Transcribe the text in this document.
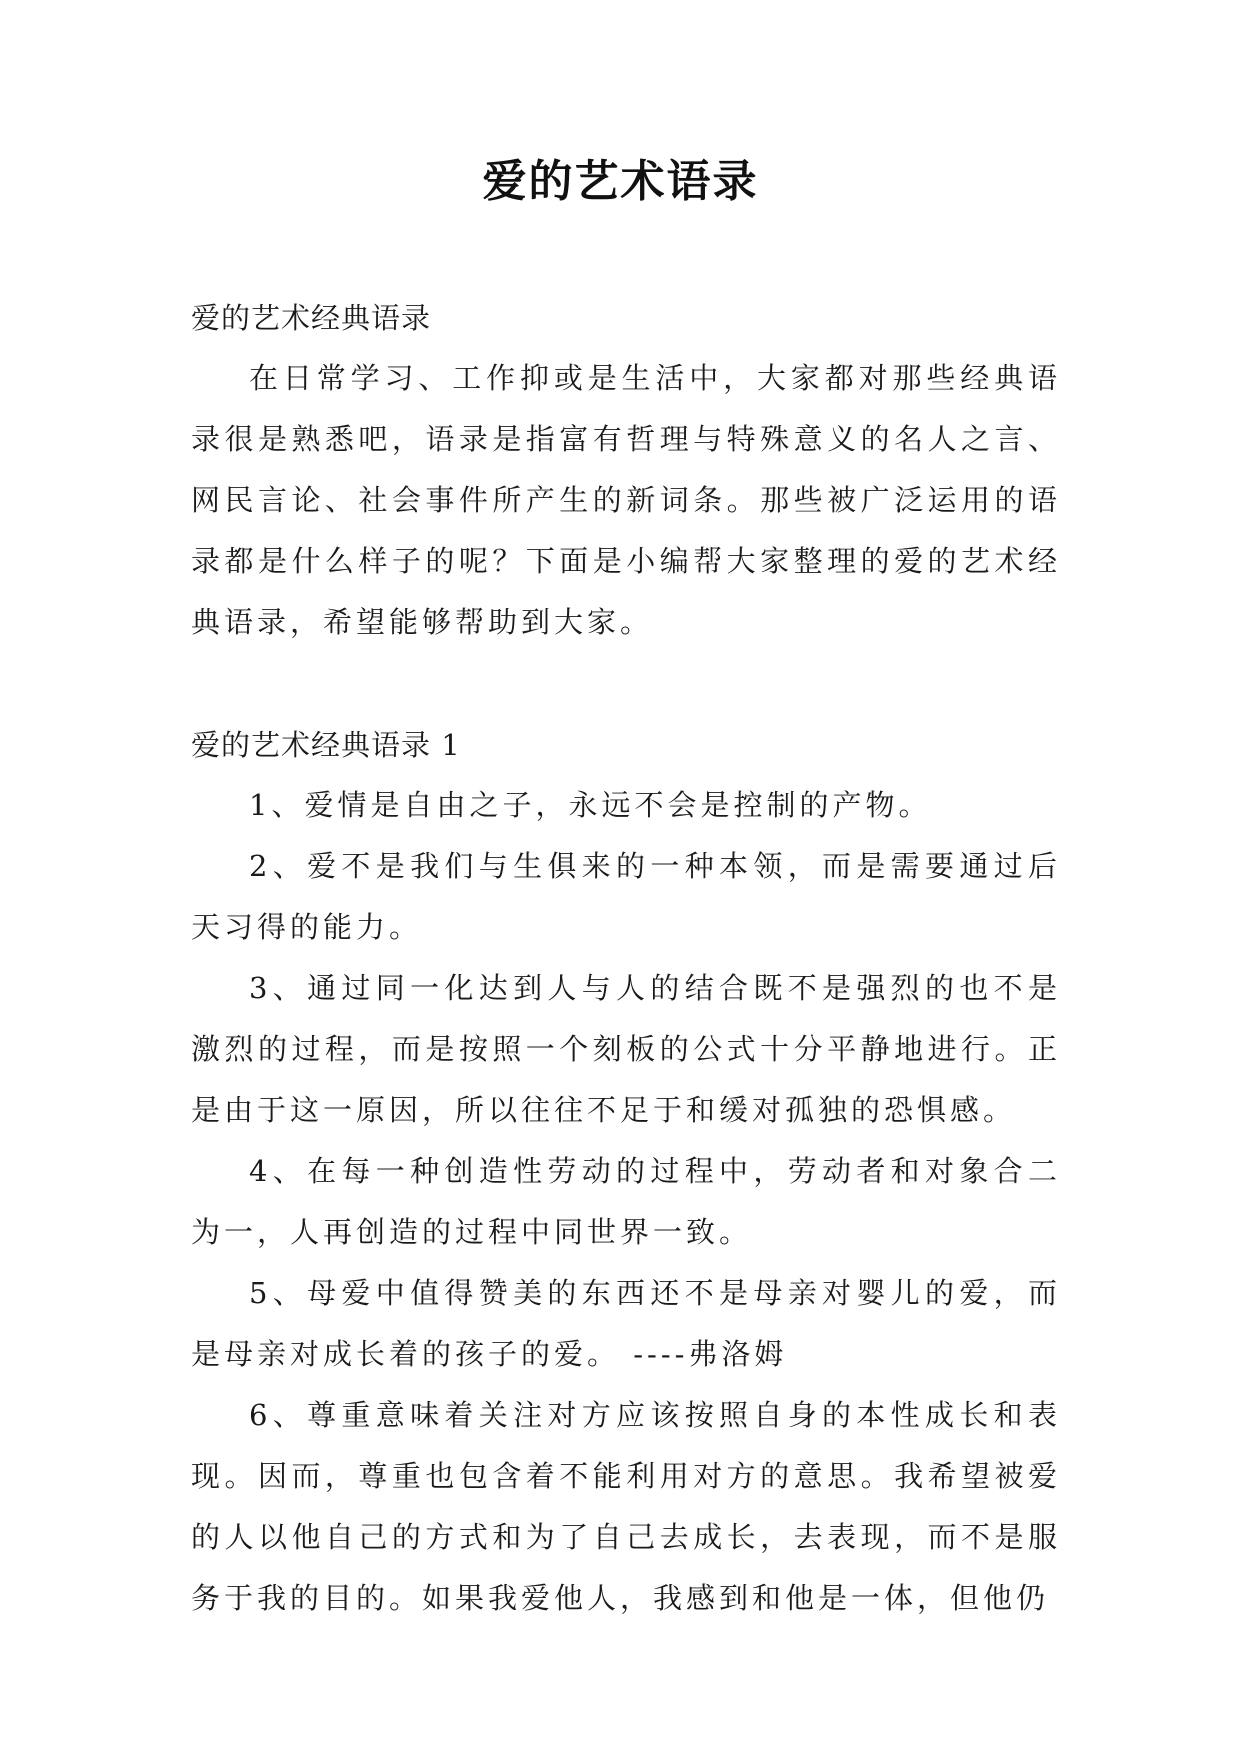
爱的艺术语录

爱的艺术经典语录

在日常学习、工作抑或是生活中，大家都对那些经典语录很是熟悉吧，语录是指富有哲理与特殊意义的名人之言、网民言论、社会事件所产生的新词条。那些被广泛运用的语录都是什么样子的呢？下面是小编帮大家整理的爱的艺术经典语录，希望能够帮助到大家。

爱的艺术经典语录 1

1、爱情是自由之子，永远不会是控制的产物。

2、爱不是我们与生俱来的一种本领，而是需要通过后天习得的能力。

3、通过同一化达到人与人的结合既不是强烈的也不是激烈的过程，而是按照一个刻板的公式十分平静地进行。正是由于这一原因，所以往往不足于和缓对孤独的恐惧感。

4、在每一种创造性劳动的过程中，劳动者和对象合二为一，人再创造的过程中同世界一致。

5、母爱中值得赞美的东西还不是母亲对婴儿的爱，而是母亲对成长着的孩子的爱。 ----弗洛姆

6、尊重意味着关注对方应该按照自身的本性成长和表现。因而，尊重也包含着不能利用对方的意思。我希望被爱的人以他自己的方式和为了自己去成长，去表现，而不是服务于我的目的。如果我爱他人，我感到和他是一体，但他仍
